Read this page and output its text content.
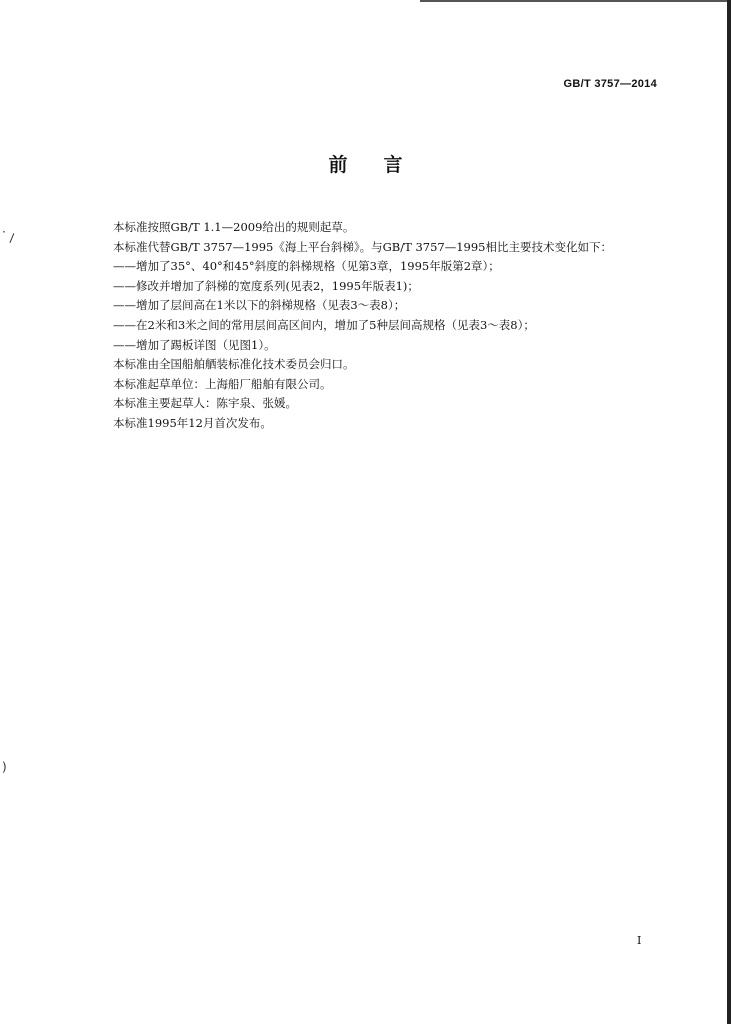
· \
)
GB/T 3757—2014
前言
本标准按照GB/T 1.1—2009给出的规则起草。
本标准代替GB/T 3757—1995《海上平台斜梯》。与GB/T 3757—1995相比主要技术变化如下：
——增加了35°、40°和45°斜度的斜梯规格（见第3章，1995年版第2章）；
——修改并增加了斜梯的宽度系列(见表2，1995年版表1)；
——增加了层间高在1米以下的斜梯规格（见表3～表8）；
——在2米和3米之间的常用层间高区间内，增加了5种层间高规格（见表3～表8）；
——增加了踢板详图（见图1）。
本标准由全国船舶舾装标准化技术委员会归口。
本标准起草单位：上海船厂船舶有限公司。
本标准主要起草人：陈宇泉、张媛。
本标准1995年12月首次发布。
I
